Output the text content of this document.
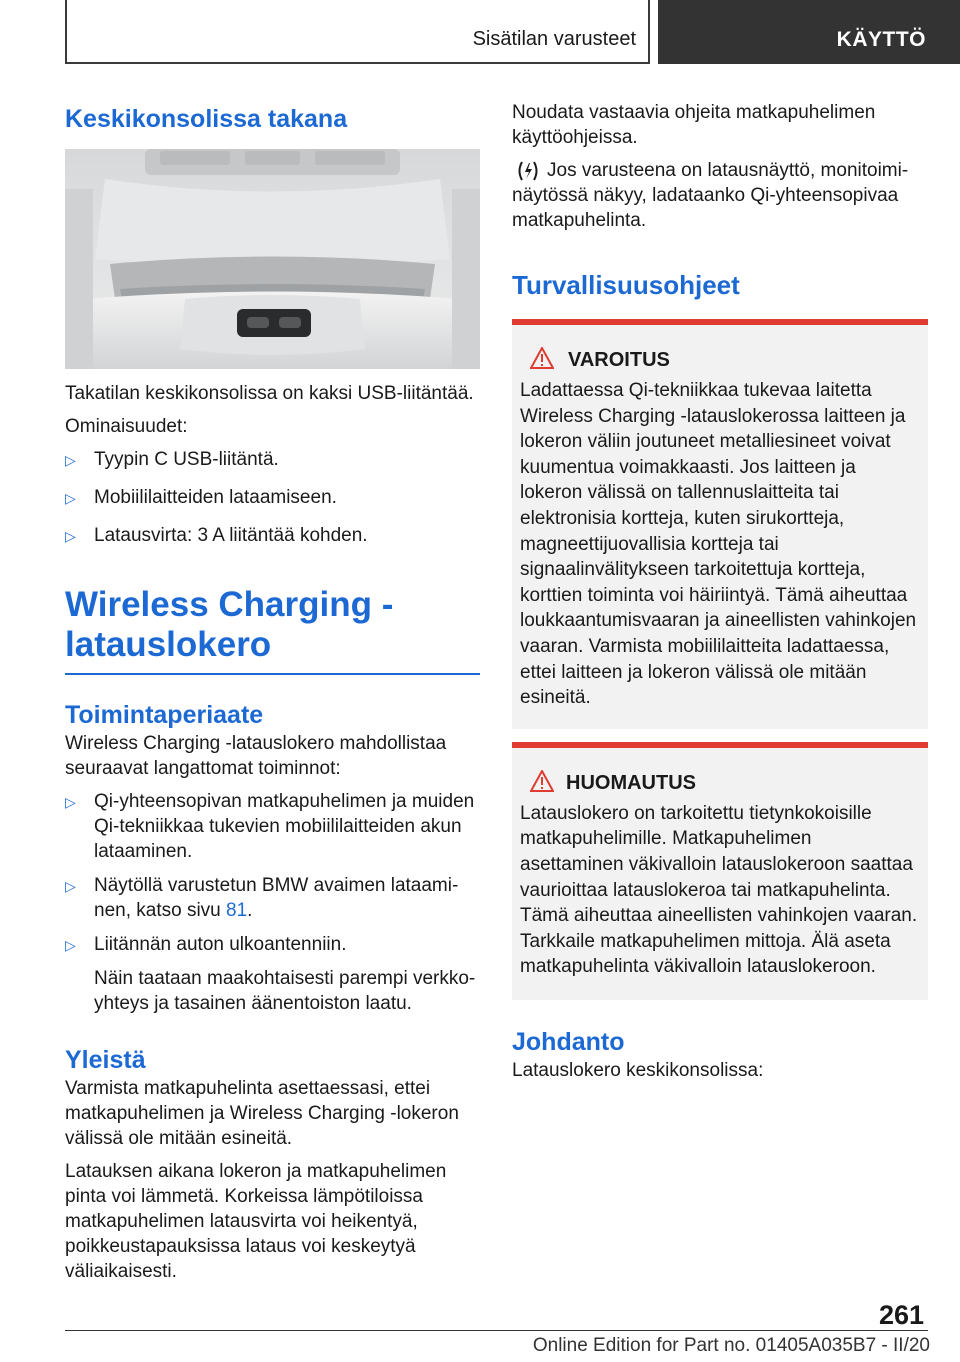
Sisätilan varusteet	KÄYTTÖ
Keskikonsolissa takana

Takatilan keskikonsolissa on kaksi USB-liitäntää.

Ominaisuudet:

▷ Tyypin C USB-liitäntä.
▷ Mobiililaitteiden lataamiseen.
▷ Latausvirta: 3 A liitäntää kohden.
Wireless Charging -latauslokero
Toimintaperiaate

Wireless Charging -latauslokero mahdollistaa seuraavat langattomat toiminnot:

▷ Qi-yhteensopivan matkapuhelimen ja muiden Qi-tekniikkaa tukevien mobiililaitteiden akun lataaminen.
▷ Näytöllä varustetun BMW avaimen lataaminen, katso sivu 81.
▷ Liitännän auton ulkoantenniin.
Näin taataan maakohtaisesti parempi verkkoyhteys ja tasainen äänentoiston laatu.
Yleistä

Varmista matkapuhelinta asettaessasi, ettei matkapuhelimen ja Wireless Charging -lokeron välissä ole mitään esineitä.

Latauksen aikana lokeron ja matkapuhelimen pinta voi lämmetä. Korkeissa lämpötiloissa matkapuhelimen latausvirta voi heikentyä, poikkeustapauksissa lataus voi keskeytyä väliaikaisesti.

Noudata vastaavia ohjeita matkapuhelimen käyttöohjeissa.

Jos varusteena on latausnäyttö, monitoiminäytössä näkyy, ladataanko Qi-yhteensopivaa matkapuhelinta.

Turvallisuusohjeet
VAROITUS

Ladattaessa Qi-tekniikkaa tukevaa laitetta Wireless Charging -latauslokerossa laitteen ja lokeron väliin joutuneet metalliesineet voivat kuumentua voimakkaasti. Jos laitteen ja lokeron välissä on tallennuslaitteita tai elektronisia kortteja, kuten sirukortteja, magneettijuovallisia kortteja tai signaalinvälitykseen tarkoitettuja kortteja, korttien toiminta voi häiriintyä. Tämä aiheuttaa loukkaantumisvaaran ja aineellisten vahinkojen vaaran. Varmista mobiililaitteita ladattaessa, ettei laitteen ja lokeron välissä ole mitään esineitä.

HUOMAUTUS

Latauslokero on tarkoitettu tietynkokoisille matkapuhelimille. Matkapuhelimen asettaminen väkivalloin latauslokeroon saattaa vaurioittaa latauslokeroa tai matkapuhelinta. Tämä aiheuttaa aineellisten vahinkojen vaaran. Tarkkaile matkapuhelimen mittoja. Älä aseta matkapuhelinta väkivalloin latauslokeroon.

Johdanto

Latauslokero keskikonsolissa:

261
Online Edition for Part no. 01405A035B7 - II/20
